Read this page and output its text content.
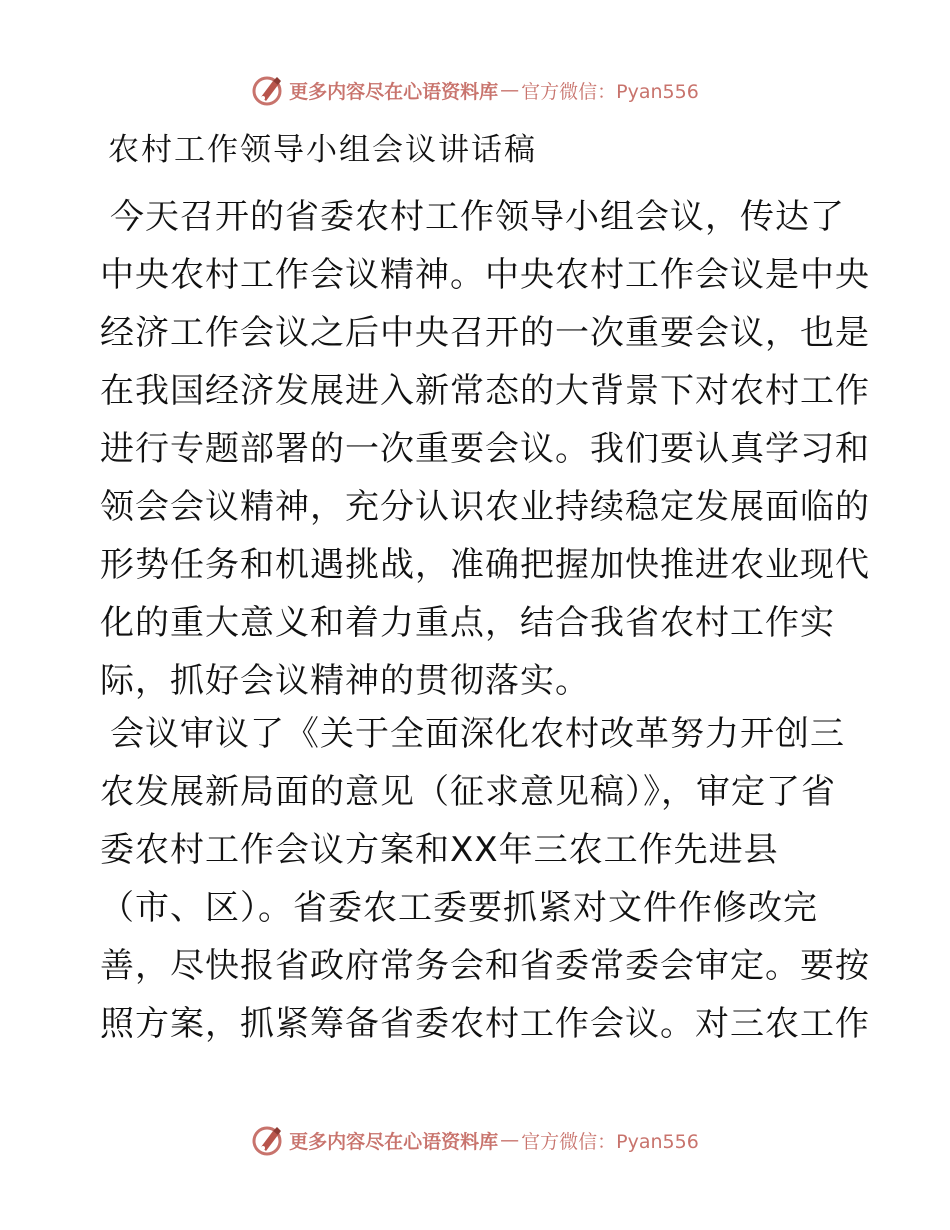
更多内容尽在心语资料库 — 官方微信：Pyan556
农村工作领导小组会议讲话稿

今天召开的省委农村工作领导小组会议，传达了
中央农村工作会议精神。中央农村工作会议是中央
经济工作会议之后中央召开的一次重要会议，也是
在我国经济发展进入新常态的大背景下对农村工作
进行专题部署的一次重要会议。我们要认真学习和
领会会议精神，充分认识农业持续稳定发展面临的
形势任务和机遇挑战，准确把握加快推进农业现代
化的重大意义和着力重点，结合我省农村工作实
际，抓好会议精神的贯彻落实。

会议审议了《关于全面深化农村改革努力开创三
农发展新局面的意见（征求意见稿）》，审定了省
委农村工作会议方案和XX年三农工作先进县
（市、区）。省委农工委要抓紧对文件作修改完
善，尽快报省政府常务会和省委常委会审定。要按
照方案，抓紧筹备省委农村工作会议。对三农工作

更多内容尽在心语资料库 — 官方微信：Pyan556
